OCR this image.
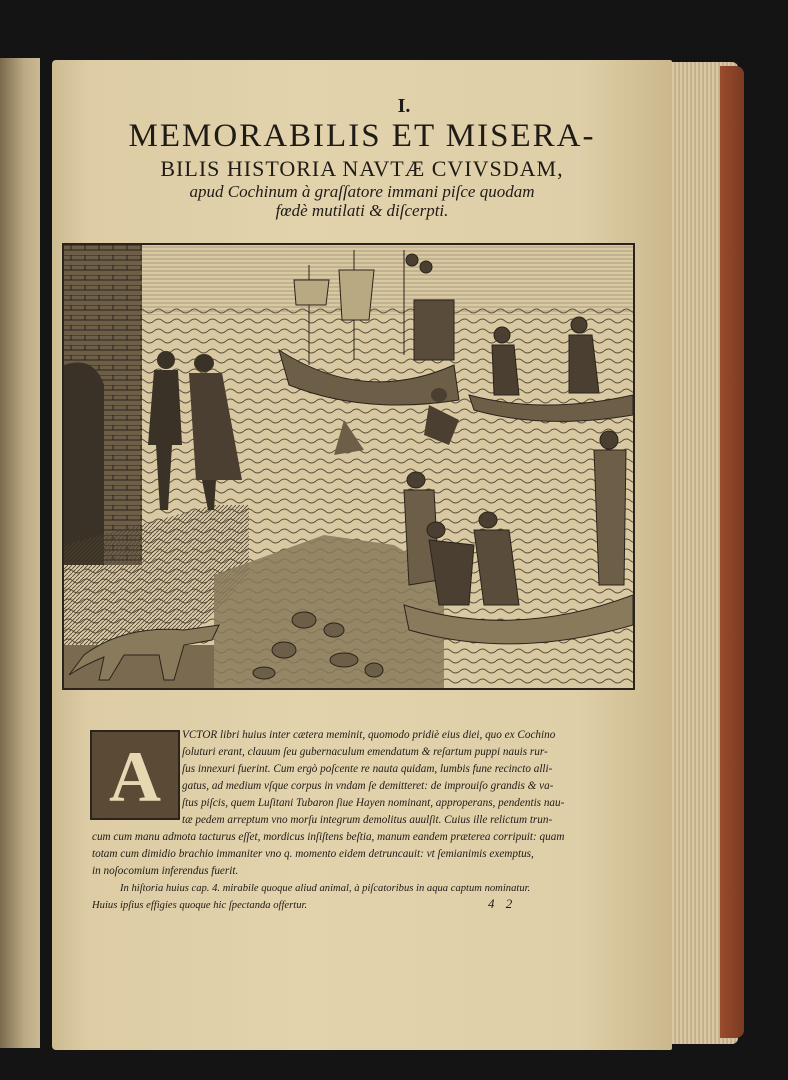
I.
MEMORABILIS ET MISERA-
BILIS HISTORIA NAVTÆ CVIVSDAM,
apud Cochinum à graſſatore immani piſce quodam
fœdè mutilati & diſcerpti.
A
VCTOR libri huius inter cætera meminit, quomodo pridiè eius diei, quo ex Cochino
ſoluturi erant, clauum ſeu gubernaculum emendatum & reſartum puppi nauis rur-
ſus innexuri fuerint. Cum ergò poſcente re nauta quidam, lumbis fune recincto alli-
gatus, ad medium vſque corpus in vndam ſe demitteret: de improuiſo grandis & va-
ſtus piſcis, quem Luſitani Tubaron ſiue Hayen nominant, approperans, pendentis nau-
tæ pedem arreptum vno morſu integrum demolitus auulſit. Cuius ille relictum trun-
cum cum manu admota tacturus eſſet, mordicus inſiſtens beſtia, manum eandem præterea corripuit: quam
totam cum dimidio brachio immaniter vno q. momento eidem detruncauit: vt ſemianimis exemptus,
in noſocomium inferendus fuerit.
In hiſtoria huius cap. 4. mirabile quoque aliud animal, à piſcatoribus in aqua captum nominatur.
Huius ipſius effigies quoque hic ſpectanda offertur.	4 2
